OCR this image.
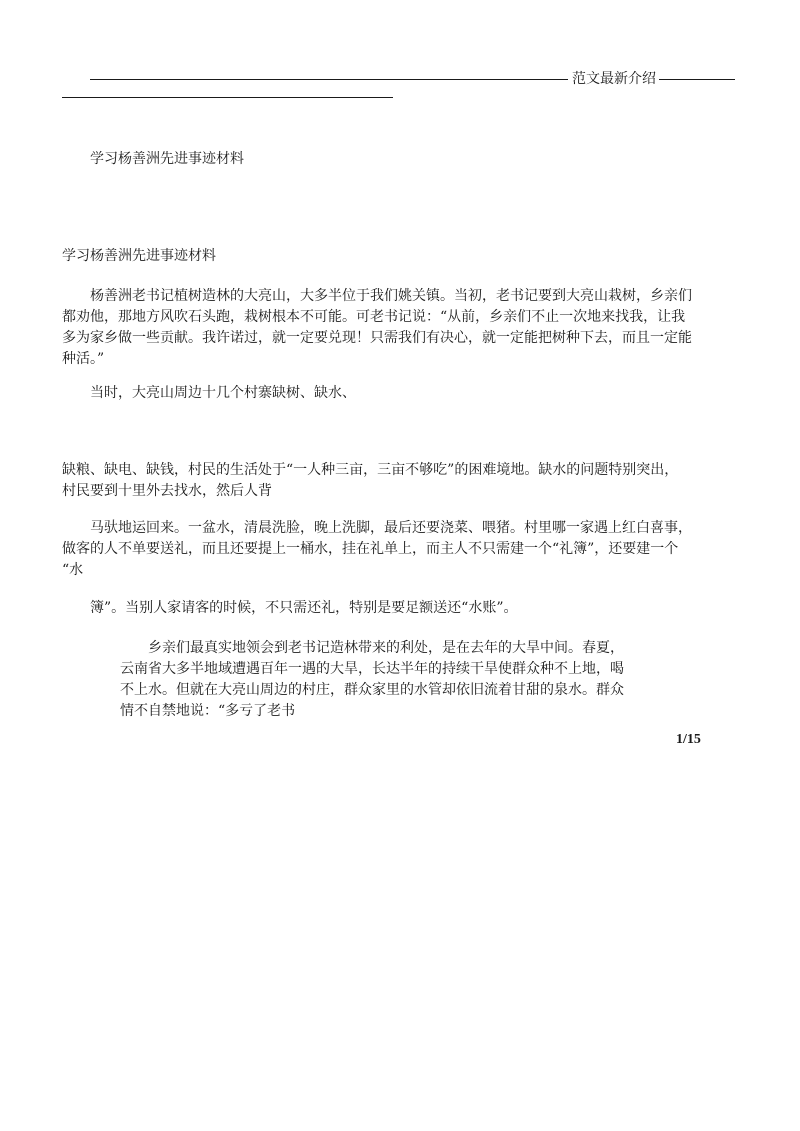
范文最新介绍
学习杨善洲先进事迹材料
学习杨善洲先进事迹材料
杨善洲老书记植树造林的大亮山，大多半位于我们姚关镇。当初，老书记要到大亮山栽树，乡亲们
都劝他，那地方风吹石头跑，栽树根本不可能。可老书记说：“从前，乡亲们不止一次地来找我，让我
多为家乡做一些贡献。我许诺过，就一定要兑现！只需我们有决心，就一定能把树种下去，而且一定能
种活。”
当时，大亮山周边十几个村寨缺树、缺水、
缺粮、缺电、缺钱，村民的生活处于“一人种三亩，三亩不够吃”的困难境地。缺水的问题特别突出，
村民要到十里外去找水，然后人背
马驮地运回来。一盆水，清晨洗脸，晚上洗脚，最后还要浇菜、喂猪。村里哪一家遇上红白喜事，
做客的人不单要送礼，而且还要提上一桶水，挂在礼单上，而主人不只需建一个“礼簿”，还要建一个
“水
簿”。当别人家请客的时候，不只需还礼，特别是要足额送还“水账”。
乡亲们最真实地领会到老书记造林带来的利处，是在去年的大旱中间。春夏，
云南省大多半地域遭遇百年一遇的大旱，长达半年的持续干旱使群众种不上地，喝
不上水。但就在大亮山周边的村庄，群众家里的水管却依旧流着甘甜的泉水。群众
情不自禁地说：“多亏了老书
1/15
